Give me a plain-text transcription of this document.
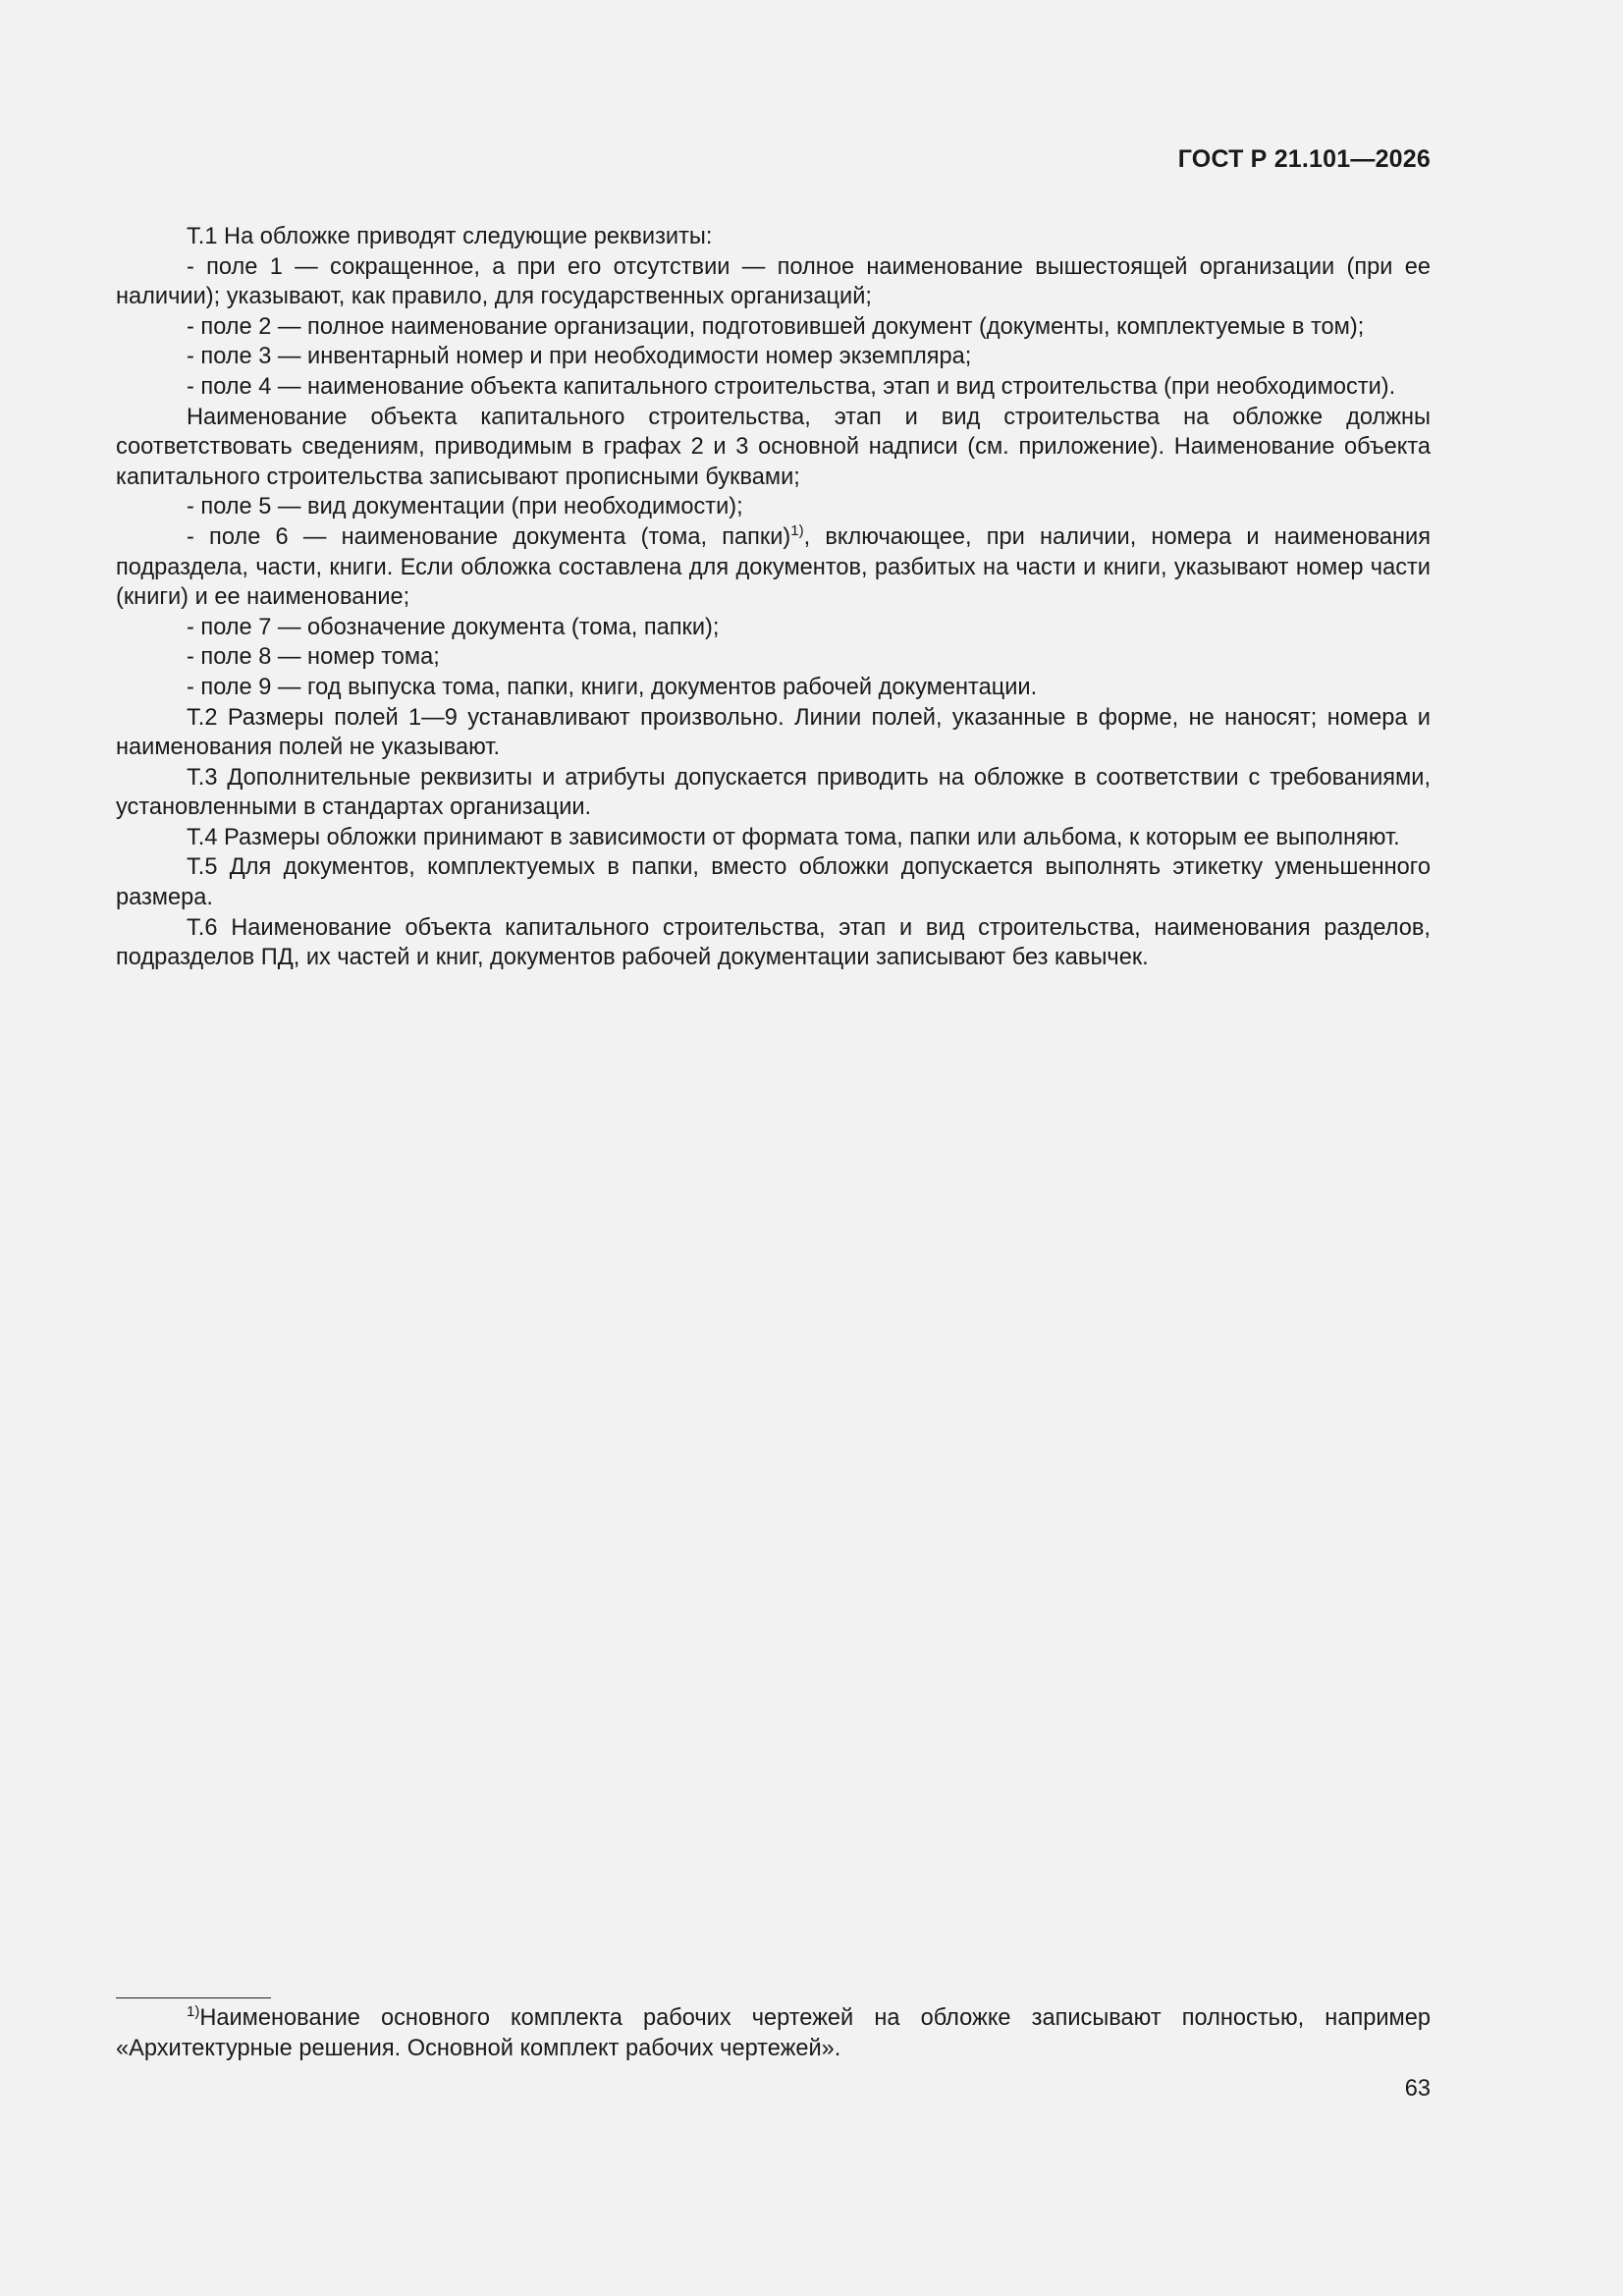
ГОСТ Р 21.101—2026

Т.1 На обложке приводят следующие реквизиты:

- поле 1 — сокращенное, а при его отсутствии — полное наименование вышестоящей организации (при ее наличии); указывают, как правило, для государственных организаций;

- поле 2 — полное наименование организации, подготовившей документ (документы, комплектуемые в том);

- поле 3 — инвентарный номер и при необходимости номер экземпляра;

- поле 4 — наименование объекта капитального строительства, этап и вид строительства (при необходимости).

Наименование объекта капитального строительства, этап и вид строительства на обложке должны соответствовать сведениям, приводимым в графах 2 и 3 основной надписи (см. приложение). Наименование объекта капитального строительства записывают прописными буквами;

- поле 5 — вид документации (при необходимости);

- поле 6 — наименование документа (тома, папки)$^{1)}$, включающее, при наличии, номера и наименования подраздела, части, книги. Если обложка составлена для документов, разбитых на части и книги, указывают номер части (книги) и ее наименование;

- поле 7 — обозначение документа (тома, папки);

- поле 8 — номер тома;

- поле 9 — год выпуска тома, папки, книги, документов рабочей документации.

Т.2 Размеры полей 1—9 устанавливают произвольно. Линии полей, указанные в форме, не наносят; номера и наименования полей не указывают.

Т.3 Дополнительные реквизиты и атрибуты допускается приводить на обложке в соответствии с требованиями, установленными в стандартах организации.

Т.4 Размеры обложки принимают в зависимости от формата тома, папки или альбома, к которым ее выполняют.

Т.5 Для документов, комплектуемых в папки, вместо обложки допускается выполнять этикетку уменьшенного размера.

Т.6 Наименование объекта капитального строительства, этап и вид строительства, наименования разделов, подразделов ПД, их частей и книг, документов рабочей документации записывают без кавычек.

$^{1)}$Наименование основного комплекта рабочих чертежей на обложке записывают полностью, например «Архитектурные решения. Основной комплект рабочих чертежей».

63
